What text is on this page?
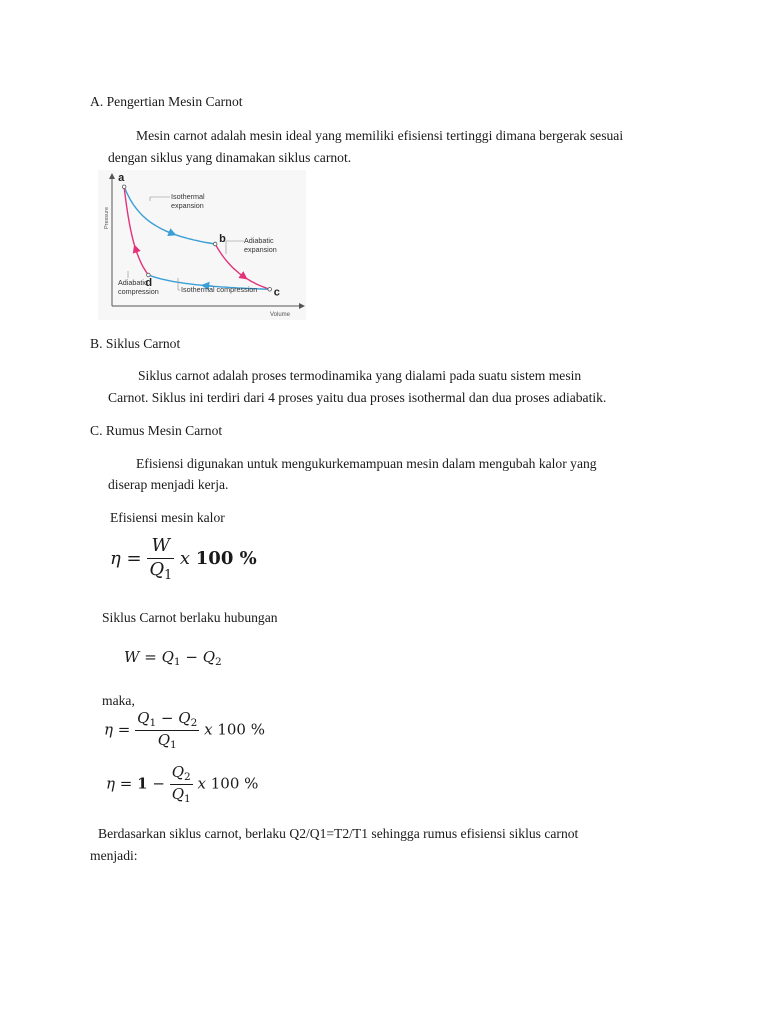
A. Pengertian Mesin Carnot
Mesin carnot adalah mesin ideal yang memiliki efisiensi tertinggi dimana bergerak sesuai
dengan siklus yang dinamakan siklus carnot.
Pressure
Volume
a
b
c
d
Isothermal expansion
Adiabatic expansion
Adiabatic compression	Isothermal compression
B. Siklus Carnot
Siklus carnot adalah proses termodinamika yang dialami pada suatu sistem mesin
Carnot. Siklus ini terdiri dari 4 proses yaitu dua proses isothermal dan dua proses adiabatik.
C. Rumus Mesin Carnot
Efisiensi digunakan untuk mengukurkemampuan mesin dalam mengubah kalor yang
diserap menjadi kerja.
Efisiensi mesin kalor
$\eta = \frac{W}{Q_1}$ x 100 %
Siklus Carnot berlaku hubungan
$W = Q_1 - Q_2$
maka,
$\eta = \frac{Q_1 - Q_2}{Q_1}$ x 100 %
$\eta = 1 - \frac{Q_2}{Q_1}$ x 100 %
Berdasarkan siklus carnot, berlaku Q2/Q1=T2/T1 sehingga rumus efisiensi siklus carnot
menjadi:
